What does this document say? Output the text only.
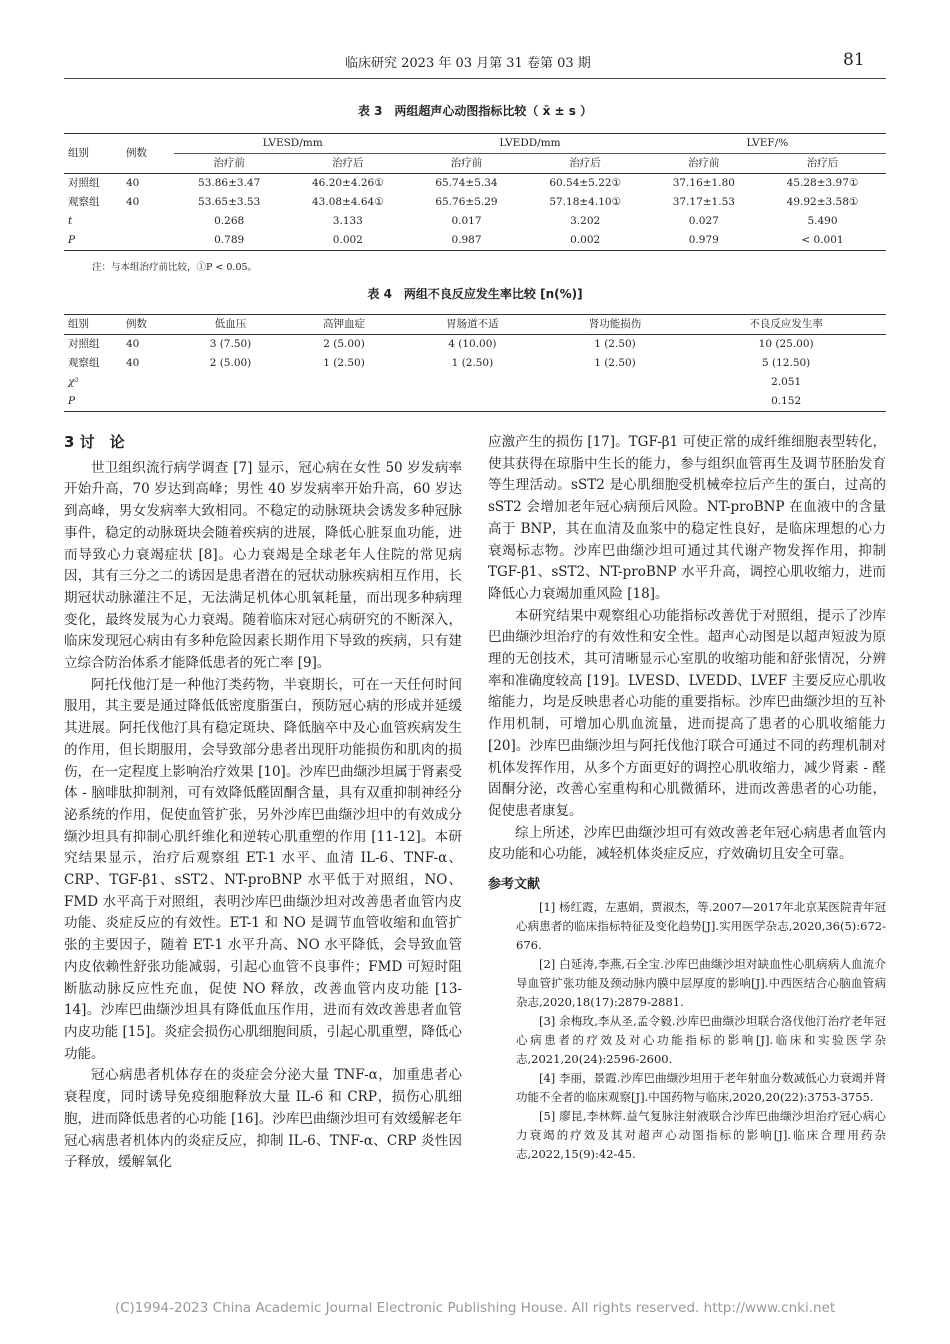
临床研究 2023 年 03 月第 31 卷第 03 期	81
表 3　两组超声心动图指标比较（ x̄ ± s ）
组别	例数	LVESD/mm		LVEDD/mm		LVEF/%	
		治疗前	治疗后	治疗前	治疗后	治疗前	治疗后
对照组	40	53.86±3.47	46.20±4.26①	65.74±5.34	60.54±5.22①	37.16±1.80	45.28±3.97①
观察组	40	53.65±3.53	43.08±4.64①	65.76±5.29	57.18±4.10①	37.17±1.53	49.92±3.58①
t		0.268	3.133	0.017	3.202	0.027	5.490
P		0.789	0.002	0.987	0.002	0.979	< 0.001
注：与本组治疗前比较，①P < 0.05。
表 4　两组不良反应发生率比较 [n(%)]
组别	例数	低血压	高钾血症	胃肠道不适	肾功能损伤	不良反应发生率
对照组	40	3 (7.50)	2 (5.00)	4 (10.00)	1 (2.50)	10 (25.00)
观察组	40	2 (5.00)	1 (2.50)	1 (2.50)	1 (2.50)	5 (12.50)
χ²						2.051
P						0.152
3 讨　论

世卫组织流行病学调查 [7] 显示，冠心病在女性 50 岁发病率开始升高，70 岁达到高峰；男性 40 岁发病率开始升高，60 岁达到高峰，男女发病率大致相同。不稳定的动脉斑块会诱发多种冠脉事件，稳定的动脉斑块会随着疾病的进展，降低心脏泵血功能，进而导致心力衰竭症状 [8]。心力衰竭是全球老年人住院的常见病因，其有三分之二的诱因是患者潜在的冠状动脉疾病相互作用，长期冠状动脉灌注不足，无法满足机体心肌氧耗量，而出现多种病理变化，最终发展为心力衰竭。随着临床对冠心病研究的不断深入，临床发现冠心病由有多种危险因素长期作用下导致的疾病，只有建立综合防治体系才能降低患者的死亡率 [9]。

阿托伐他汀是一种他汀类药物，半衰期长，可在一天任何时间服用，其主要是通过降低低密度脂蛋白，预防冠心病的形成并延缓其进展。阿托伐他汀具有稳定斑块、降低脑卒中及心血管疾病发生的作用，但长期服用，会导致部分患者出现肝功能损伤和肌肉的损伤，在一定程度上影响治疗效果 [10]。沙库巴曲缬沙坦属于肾素受体 - 脑啡肽抑制剂，可有效降低醛固酮含量，具有双重抑制神经分泌系统的作用，促使血管扩张，另外沙库巴曲缬沙坦中的有效成分缬沙坦具有抑制心肌纤维化和逆转心肌重塑的作用 [11-12]。本研究结果显示，治疗后观察组 ET-1 水平、血清 IL-6、TNF-α、CRP、TGF-β1、sST2、NT-proBNP 水平低于对照组，NO、FMD 水平高于对照组，表明沙库巴曲缬沙坦对改善患者血管内皮功能、炎症反应的有效性。ET-1 和 NO 是调节血管收缩和血管扩张的主要因子，随着 ET-1 水平升高、NO 水平降低，会导致血管内皮依赖性舒张功能减弱，引起心血管不良事件；FMD 可短时阻断肱动脉反应性充血，促使 NO 释放，改善血管内皮功能 [13-14]。沙库巴曲缬沙坦具有降低血压作用，进而有效改善患者血管内皮功能 [15]。炎症会损伤心肌细胞间质，引起心肌重塑，降低心功能。

冠心病患者机体存在的炎症会分泌大量 TNF-α，加重患者心衰程度，同时诱导免疫细胞释放大量 IL-6 和 CRP，损伤心肌细胞，进而降低患者的心功能 [16]。沙库巴曲缬沙坦可有效缓解老年冠心病患者机体内的炎症反应，抑制 IL-6、TNF-α、CRP 炎性因子释放，缓解氧化

应激产生的损伤 [17]。TGF-β1 可使正常的成纤维细胞表型转化，使其获得在琼脂中生长的能力，参与组织血管再生及调节胚胎发育等生理活动。sST2 是心肌细胞受机械牵拉后产生的蛋白，过高的 sST2 会增加老年冠心病预后风险。NT-proBNP 在血液中的含量高于 BNP，其在血清及血浆中的稳定性良好，是临床理想的心力衰竭标志物。沙库巴曲缬沙坦可通过其代谢产物发挥作用，抑制 TGF-β1、sST2、NT-proBNP 水平升高，调控心肌收缩力，进而降低心力衰竭加重风险 [18]。

本研究结果中观察组心功能指标改善优于对照组，提示了沙库巴曲缬沙坦治疗的有效性和安全性。超声心动图是以超声短波为原理的无创技术，其可清晰显示心室肌的收缩功能和舒张情况，分辨率和准确度较高 [19]。LVESD、LVEDD、LVEF 主要反应心肌收缩能力，均是反映患者心功能的重要指标。沙库巴曲缬沙坦的互补作用机制，可增加心肌血流量，进而提高了患者的心肌收缩能力 [20]。沙库巴曲缬沙坦与阿托伐他汀联合可通过不同的药理机制对机体发挥作用，从多个方面更好的调控心肌收缩力，减少肾素 - 醛固酮分泌，改善心室重构和心肌微循环，进而改善患者的心功能，促使患者康复。

综上所述，沙库巴曲缬沙坦可有效改善老年冠心病患者血管内皮功能和心功能，减轻机体炎症反应，疗效确切且安全可靠。

参考文献

[1] 杨红霞，左惠娟，贾淑杰，等.2007—2017年北京某医院青年冠心病患者的临床指标特征及变化趋势[J].实用医学杂志,2020,36(5):672-676.

[2] 白延涛,李燕,石全宝.沙库巴曲缬沙坦对缺血性心肌病病人血流介导血管扩张功能及颈动脉内膜中层厚度的影响[J].中西医结合心脑血管病杂志,2020,18(17):2879-2881.

[3] 余梅玫,李从圣,孟令毅.沙库巴曲缬沙坦联合洛伐他汀治疗老年冠心病患者的疗效及对心功能指标的影响[J].临床和实验医学杂志,2021,20(24):2596-2600.

[4] 李丽，景霞.沙库巴曲缬沙坦用于老年射血分数减低心力衰竭并肾功能不全者的临床观察[J].中国药物与临床,2020,20(22):3753-3755.

[5] 廖昆,李林辉.益气复脉注射液联合沙库巴曲缬沙坦治疗冠心病心力衰竭的疗效及其对超声心动图指标的影响[J].临床合理用药杂志,2022,15(9):42-45.

(C)1994-2023 China Academic Journal Electronic Publishing House. All rights reserved. http://www.cnki.net
